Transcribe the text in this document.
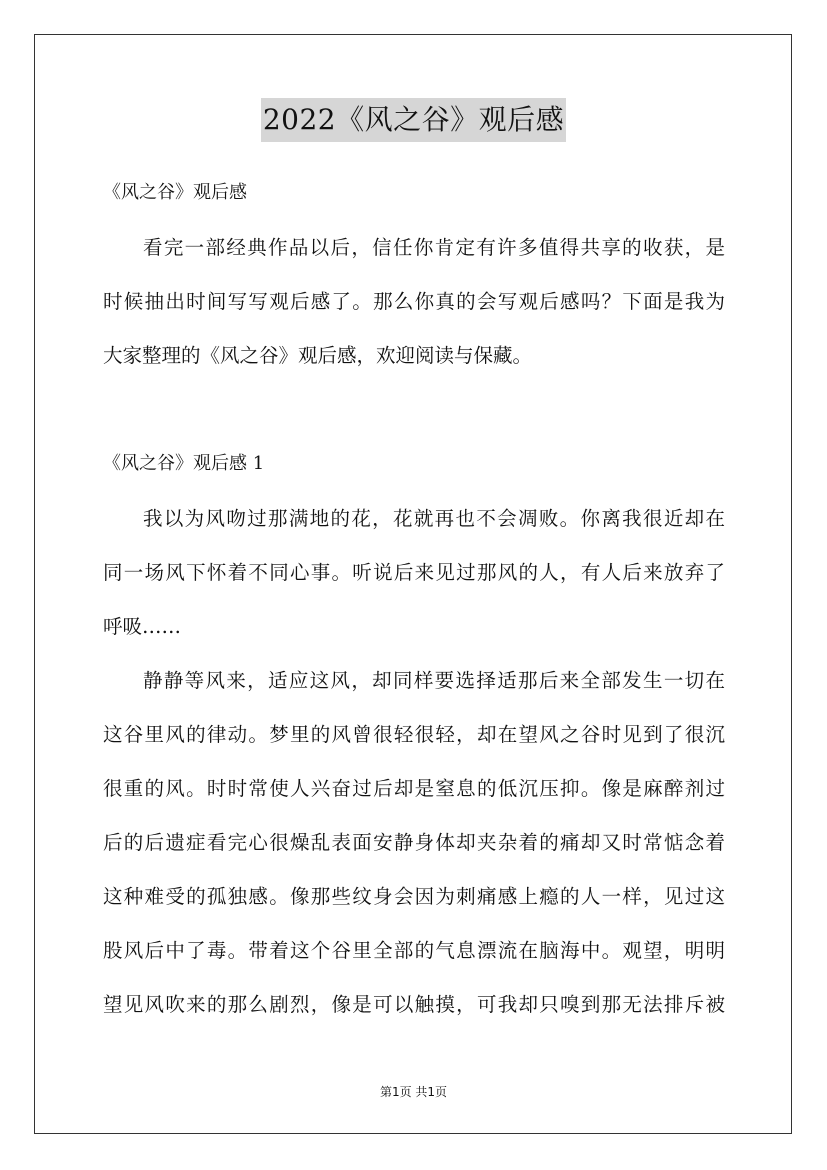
2022《风之谷》观后感
《风之谷》观后感
看完一部经典作品以后，信任你肯定有许多值得共享的收获，是
时候抽出时间写写观后感了。那么你真的会写观后感吗？下面是我为
大家整理的《风之谷》观后感，欢迎阅读与保藏。
《风之谷》观后感 1
我以为风吻过那满地的花，花就再也不会凋败。你离我很近却在
同一场风下怀着不同心事。听说后来见过那风的人，有人后来放弃了
呼吸……
静静等风来，适应这风，却同样要选择适那后来全部发生一切在
这谷里风的律动。梦里的风曾很轻很轻，却在望风之谷时见到了很沉
很重的风。时时常使人兴奋过后却是窒息的低沉压抑。像是麻醉剂过
后的后遗症看完心很燥乱表面安静身体却夹杂着的痛却又时常惦念着
这种难受的孤独感。像那些纹身会因为刺痛感上瘾的人一样，见过这
股风后中了毒。带着这个谷里全部的气息漂流在脑海中。观望，明明
望见风吹来的那么剧烈，像是可以触摸，可我却只嗅到那无法排斥被
第1页 共1页
